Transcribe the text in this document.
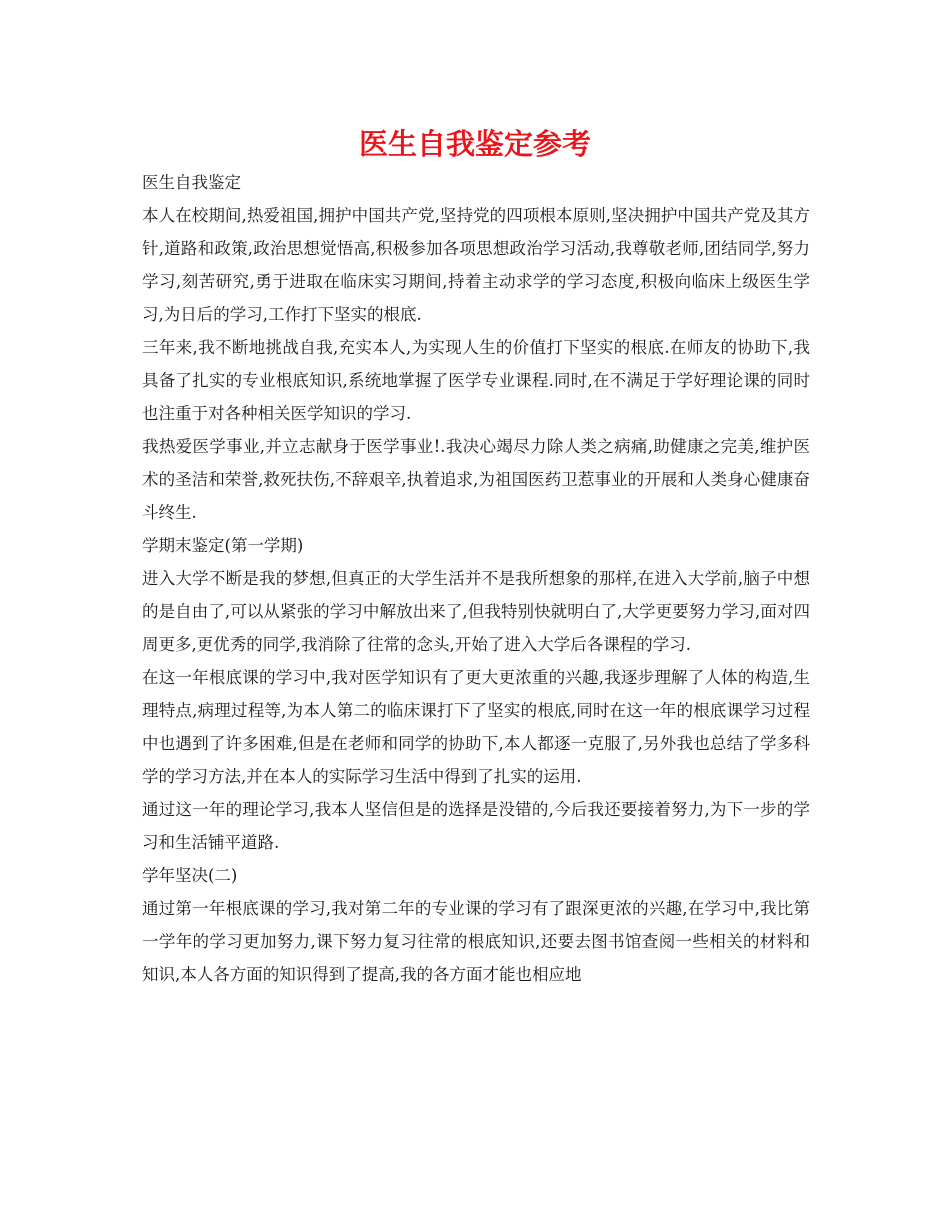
医生自我鉴定参考

医生自我鉴定

本人在校期间,热爱祖国,拥护中国共产党,坚持党的四项根本原则,坚决拥护中国共产党及其方针,道路和政策,政治思想觉悟高,积极参加各项思想政治学习活动,我尊敬老师,团结同学,努力学习,刻苦研究,勇于进取在临床实习期间,持着主动求学的学习态度,积极向临床上级医生学习,为日后的学习,工作打下坚实的根底.

三年来,我不断地挑战自我,充实本人,为实现人生的价值打下坚实的根底.在师友的协助下,我具备了扎实的专业根底知识,系统地掌握了医学专业课程.同时,在不满足于学好理论课的同时也注重于对各种相关医学知识的学习.

我热爱医学事业,并立志献身于医学事业!.我决心竭尽力除人类之病痛,助健康之完美,维护医术的圣洁和荣誉,救死扶伤,不辞艰辛,执着追求,为祖国医药卫惹事业的开展和人类身心健康奋斗终生.

学期末鉴定(第一学期)

进入大学不断是我的梦想,但真正的大学生活并不是我所想象的那样,在进入大学前,脑子中想的是自由了,可以从紧张的学习中解放出来了,但我特别快就明白了,大学更要努力学习,面对四周更多,更优秀的同学,我消除了往常的念头,开始了进入大学后各课程的学习.

在这一年根底课的学习中,我对医学知识有了更大更浓重的兴趣,我逐步理解了人体的构造,生理特点,病理过程等,为本人第二的临床课打下了坚实的根底,同时在这一年的根底课学习过程中也遇到了许多困难,但是在老师和同学的协助下,本人都逐一克服了,另外我也总结了学多科学的学习方法,并在本人的实际学习生活中得到了扎实的运用.

通过这一年的理论学习,我本人坚信但是的选择是没错的,今后我还要接着努力,为下一步的学习和生活铺平道路.

学年坚决(二)

通过第一年根底课的学习,我对第二年的专业课的学习有了跟深更浓的兴趣,在学习中,我比第一学年的学习更加努力,课下努力复习往常的根底知识,还要去图书馆查阅一些相关的材料和知识,本人各方面的知识得到了提高,我的各方面才能也相应地
